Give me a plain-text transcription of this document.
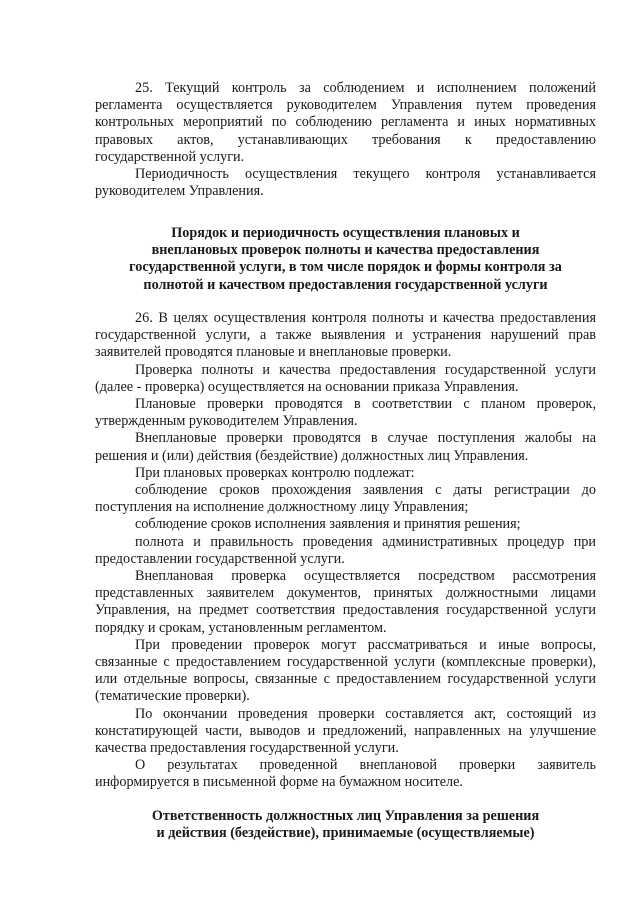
25. Текущий контроль за соблюдением и исполнением положений регламента осуществляется руководителем Управления путем проведения контрольных мероприятий по соблюдению регламента и иных нормативных правовых актов, устанавливающих требования к предоставлению государственной услуги.

Периодичность осуществления текущего контроля устанавливается руководителем Управления.

Порядок и периодичность осуществления плановых и
внеплановых проверок полноты и качества предоставления
государственной услуги, в том числе порядок и формы контроля за
полнотой и качеством предоставления государственной услуги

26. В целях осуществления контроля полноты и качества предоставления государственной услуги, а также выявления и устранения нарушений прав заявителей проводятся плановые и внеплановые проверки.

Проверка полноты и качества предоставления государственной услуги (далее - проверка) осуществляется на основании приказа Управления.

Плановые проверки проводятся в соответствии с планом проверок, утвержденным руководителем Управления.

Внеплановые проверки проводятся в случае поступления жалобы на решения и (или) действия (бездействие) должностных лиц Управления.

При плановых проверках контролю подлежат:

соблюдение сроков прохождения заявления с даты регистрации до поступления на исполнение должностному лицу Управления;

соблюдение сроков исполнения заявления и принятия решения;

полнота и правильность проведения административных процедур при предоставлении государственной услуги.

Внеплановая проверка осуществляется посредством рассмотрения представленных заявителем документов, принятых должностными лицами Управления, на предмет соответствия предоставления государственной услуги порядку и срокам, установленным регламентом.

При проведении проверок могут рассматриваться и иные вопросы, связанные с предоставлением государственной услуги (комплексные проверки), или отдельные вопросы, связанные с предоставлением государственной услуги (тематические проверки).

По окончании проведения проверки составляется акт, состоящий из констатирующей части, выводов и предложений, направленных на улучшение качества предоставления государственной услуги.

О результатах проведенной внеплановой проверки заявитель информируется в письменной форме на бумажном носителе.

Ответственность должностных лиц Управления за решения
и действия (бездействие), принимаемые (осуществляемые)
